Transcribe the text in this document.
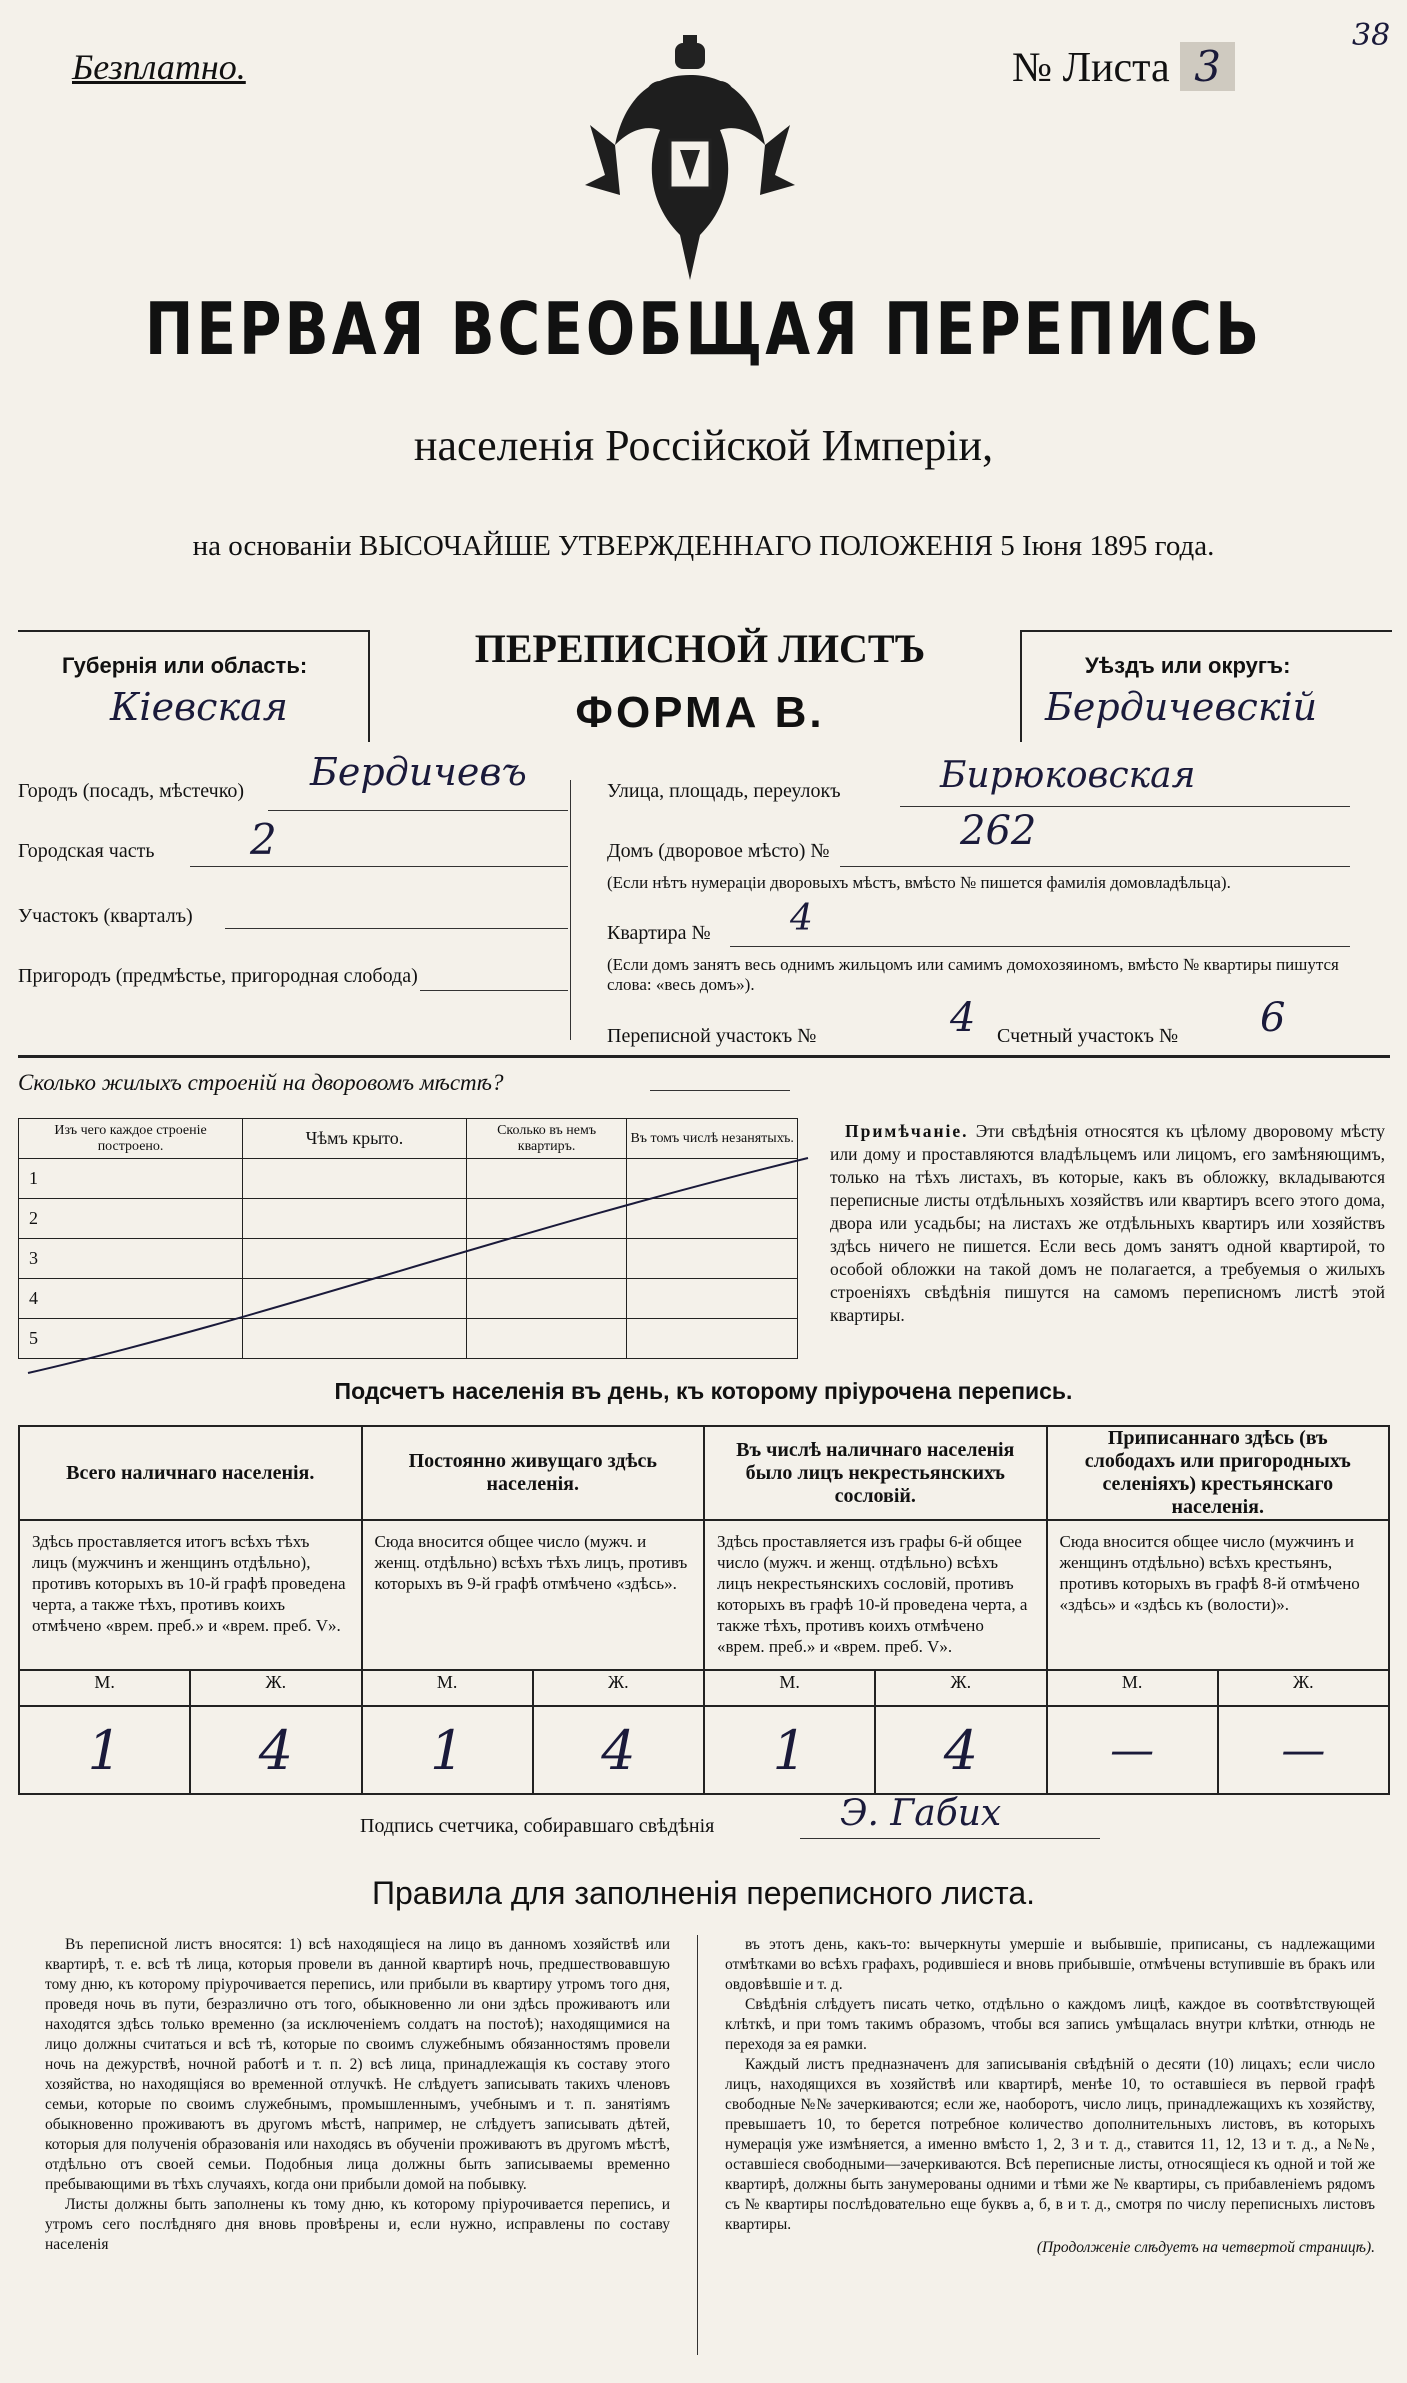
Безплатно.	№ Листа 3
38
ПЕРВАЯ ВСЕОБЩАЯ ПЕРЕПИСЬ
населенія Россійской Имперіи,
на основаніи ВЫСОЧАЙШЕ УТВЕРЖДЕННАГО ПОЛОЖЕНІЯ 5 Іюня 1895 года.
Губернія или область:
Кіевская
ПЕРЕПИСНОЙ ЛИСТЪ
ФОРМА В.
Уѣздъ или округъ:
Бердичевскій
Городъ (посадъ, мѣстечко) Бердичевъ
Городская часть 2
Участокъ (кварталъ)
Пригородъ (предмѣстье, пригородная слобода)
Улица, площадь, переулокъ	Бирюковская
Домъ (дворовое мѣсто) №	262
(Если нѣтъ нумераціи дворовыхъ мѣстъ, вмѣсто № пишется фамилія домовладѣльца).
Квартира № 4
(Если домъ занятъ весь однимъ жильцомъ или самимъ домохозяиномъ, вмѣсто № квартиры пишутся слова: «весь домъ»).
Переписной участокъ №	4 Счетный участокъ № 6
Сколько жилыхъ строеній на дворовомъ мѣстѣ?
Изъ чего каждое строеніе построено.	Чѣмъ крыто.	Сколько въ немъ квартиръ.	Въ томъ числѣ незанятыхъ.
1			
2			
3			
4			
5			
Примѣчаніе. Эти свѣдѣнія относятся къ цѣлому дворовому мѣсту или дому и проставляются владѣльцемъ или лицомъ, его замѣняющимъ, только на тѣхъ листахъ, въ которые, какъ въ обложку, вкладываются переписные листы отдѣльныхъ хозяйствъ или квартиръ всего этого дома, двора или усадьбы; на листахъ же отдѣльныхъ квартиръ или хозяйствъ здѣсь ничего не пишется. Если весь домъ занятъ одной квартирой, то особой обложки на такой домъ не полагается, а требуемыя о жилыхъ строеніяхъ свѣдѣнія пишутся на самомъ переписномъ листѣ этой квартиры.
Подсчетъ населенія въ день, къ которому пріурочена перепись.
Всего наличнаго населенія.		Постоянно живущаго здѣсь населенія.		Въ числѣ наличнаго населенія было лицъ некрестьянскихъ сословій.		Приписаннаго здѣсь (въ слободахъ или пригородныхъ селеніяхъ) крестьянскаго населенія.	
Здѣсь проставляется итогъ всѣхъ тѣхъ лицъ (мужчинъ и женщинъ отдѣльно), противъ которыхъ въ 10-й графѣ проведена черта, а также тѣхъ, противъ коихъ отмѣчено «врем. преб.» и «врем. преб. V».		Сюда вносится общее число (мужч. и женщ. отдѣльно) всѣхъ тѣхъ лицъ, противъ которыхъ въ 9-й графѣ отмѣчено «здѣсь».		Здѣсь проставляется изъ графы 6-й общее число (мужч. и женщ. отдѣльно) всѣхъ лицъ некрестьянскихъ сословій, противъ которыхъ въ графѣ 10-й проведена черта, а также тѣхъ, противъ коихъ отмѣчено «врем. преб.» и «врем. преб. V».		Сюда вносится общее число (мужчинъ и женщинъ отдѣльно) всѣхъ крестьянъ, противъ которыхъ въ графѣ 8-й отмѣчено «здѣсь» и «здѣсь къ (волости)».	
М.	Ж.	М.	Ж.	М.	Ж.	М.	Ж.
1	4	1	4	1	4	—	—
Подпись счетчика, собиравшаго свѣдѣнія	Э. Габих
Правила для заполненія переписного листа.

Въ переписной листъ вносятся: 1) всѣ находящіеся на лицо въ данномъ хозяйствѣ или квартирѣ, т. е. всѣ тѣ лица, которыя провели въ данной квартирѣ ночь, предшествовавшую тому дню, къ которому пріурочивается перепись, или прибыли въ квартиру утромъ того дня, проведя ночь въ пути, безразлично отъ того, обыкновенно ли они здѣсь проживаютъ или находятся здѣсь только временно (за исключеніемъ солдатъ на постоѣ); находящимися на лицо должны считаться и всѣ тѣ, которые по своимъ служебнымъ обязанностямъ провели ночь на дежурствѣ, ночной работѣ и т. п. 2) всѣ лица, принадлежащія къ составу этого хозяйства, но находящіяся во временной отлучкѣ. Не слѣдуетъ записывать такихъ членовъ семьи, которые по своимъ служебнымъ, промышленнымъ, учебнымъ и т. п. занятіямъ обыкновенно проживаютъ въ другомъ мѣстѣ, например, не слѣдуетъ записывать дѣтей, которыя для полученія образованія или находясь въ обученіи проживаютъ въ другомъ мѣстѣ, отдѣльно отъ своей семьи. Подобныя лица должны быть записываемы временно пребывающими въ тѣхъ случаяхъ, когда они прибыли домой на побывку.

Листы должны быть заполнены къ тому дню, къ которому пріурочивается перепись, и утромъ сего послѣдняго дня вновь провѣрены и, если нужно, исправлены по составу населенія

въ этотъ день, какъ-то: вычеркнуты умершіе и выбывшіе, приписаны, съ надлежащими отмѣтками во всѣхъ графахъ, родившіеся и вновь прибывшіе, отмѣчены вступившіе въ бракъ или овдовѣвшіе и т. д.

Свѣдѣнія слѣдуетъ писать четко, отдѣльно о каждомъ лицѣ, каждое въ соотвѣтствующей клѣткѣ, и при томъ такимъ образомъ, чтобы вся запись умѣщалась внутри клѣтки, отнюдь не переходя за ея рамки.

Каждый листъ предназначенъ для записыванія свѣдѣній о десяти (10) лицахъ; если число лицъ, находящихся въ хозяйствѣ или квартирѣ, менѣе 10, то оставшіеся въ первой графѣ свободные №№ зачеркиваются; если же, наоборотъ, число лицъ, принадлежащихъ къ хозяйству, превышаетъ 10, то берется потребное количество дополнительныхъ листовъ, въ которыхъ нумерація уже измѣняется, а именно вмѣсто 1, 2, 3 и т. д., ставится 11, 12, 13 и т. д., а №№, оставшіеся свободными—зачеркиваются. Всѣ переписные листы, относящіеся къ одной и той же квартирѣ, должны быть занумерованы одними и тѣми же № квартиры, съ прибавленіемъ рядомъ съ № квартиры послѣдовательно еще буквъ а, б, в и т. д., смотря по числу переписныхъ листовъ квартиры.

(Продолженіе слѣдуетъ на четвертой страницѣ).
